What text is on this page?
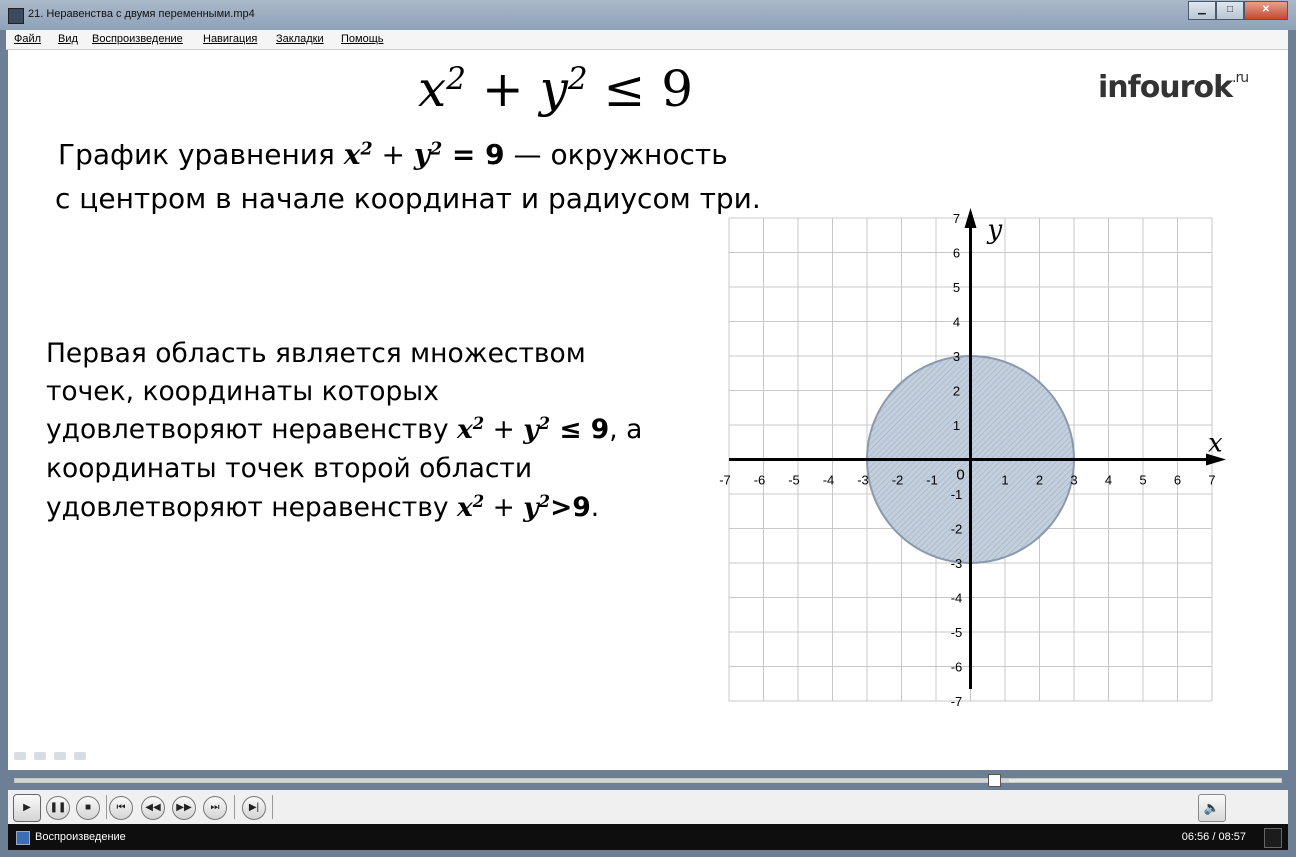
21. Неравенства с двумя переменными.mp4	▁	□	✕
Файл Вид Воспроизведение Навигация Закладки Помощь
$x^2 + y^2 \le 9$	infourok$^{.ru}$
График уравнения $x^2 + y^2 = 9$ — окружность
с центром в начале координат и радиусом три.
Первая область является множеством
точек, координаты которых
удовлетворяют неравенству $x^2 + y^2 \le 9$, а
координаты точек второй области
удовлетворяют неравенству $x^2 + y^2>9$.
-7 -6 -5 -4 -3 -2 -1	1 2 3 4 5 6 7
7
6
5
4
3
2
1
-1
-2
-3
-4
-5
-6
-7
0
x
y
▶	❚❚	■	⏮	◀◀	▶▶	⏭	▶|	🔈
Воспроизведение	06:56 / 08:57
